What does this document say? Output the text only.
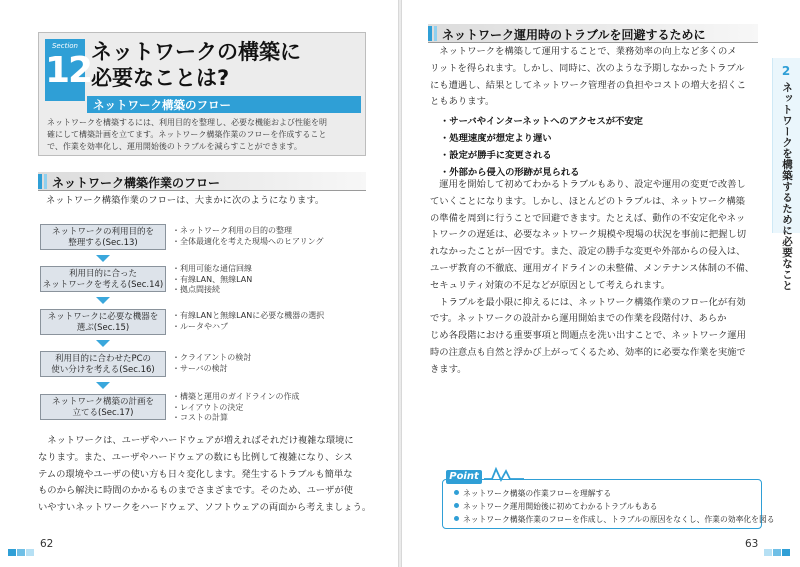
Section
12 ネットワークの構築に
必要なことは?
ネットワーク構築のフロー
ネットワークを構築するには、利用目的を整理し、必要な機能および性能を明
確にして構築計画を立てます。ネットワーク構築作業のフローを作成すること
で、作業を効率化し、運用開始後のトラブルを減らすことができます。
ネットワーク構築作業のフロー
ネットワーク構築作業のフローは、大まかに次のようになります。
ネットワークの利用目的を
整理する(Sec.13)
・ネットワーク利用の目的の整理
・全体最適化を考えた現場へのヒアリング
利用目的に合った
ネットワークを考える(Sec.14)
・利用可能な通信回線
・有線LAN、無線LAN
・拠点間接続
ネットワークに必要な機器を
選ぶ(Sec.15)
・有線LANと無線LANに必要な機器の選択
・ルータやハブ
利用目的に合わせたPCの
使い分けを考える(Sec.16)
・クライアントの検討
・サーバの検討
ネットワーク構築の計画を
立てる(Sec.17)
・構築と運用のガイドラインの作成
・レイアウトの決定
・コストの計算
　ネットワークは、ユーザやハードウェアが増えればそれだけ複雑な環境に
なります。また、ユーザやハードウェアの数にも比例して複雑になり、シス
テムの環境やユーザの使い方も日々変化します。発生するトラブルも簡単な
ものから解決に時間のかかるものまでさまざまです。そのため、ユーザが使
いやすいネットワークをハードウェア、ソフトウェアの両面から考えましょう。
62
ネットワーク運用時のトラブルを回避するために
　ネットワークを構築して運用することで、業務効率の向上など多くのメ
リットを得られます。しかし、同時に、次のような予期しなかったトラブル
にも遭遇し、結果としてネットワーク管理者の負担やコストの増大を招くこ
ともあります。
・サーバやインターネットへのアクセスが不安定
・処理速度が想定より遅い
・設定が勝手に変更される
・外部から侵入の形跡が見られる
　運用を開始して初めてわかるトラブルもあり、設定や運用の変更で改善し
ていくことになります。しかし、ほとんどのトラブルは、ネットワーク構築
の準備を周到に行うことで回避できます。たとえば、動作の不安定化やネッ
トワークの遅延は、必要なネットワーク規模や現場の状況を事前に把握し切
れなかったことが一因です。また、設定の勝手な変更や外部からの侵入は、
ユーザ教育の不徹底、運用ガイドラインの未整備、メンテナンス体制の不備、
セキュリティ対策の不足などが原因として考えられます。
　トラブルを最小限に抑えるには、ネットワーク構築作業のフロー化が有効
です。ネットワークの設計から運用開始までの作業を段階付け、あらか
じめ各段階における重要事項と問題点を洗い出すことで、ネットワーク運用
時の注意点も自然と浮かび上がってくるため、効率的に必要な作業を実施で
きます。
Point
ネットワーク構築の作業フローを理解する
ネットワーク運用開始後に初めてわかるトラブルもある
ネットワーク構築作業のフローを作成し、トラブルの原因をなくし、作業の効率化を図る
2
ネットワークを構築するために必要なこと
63
